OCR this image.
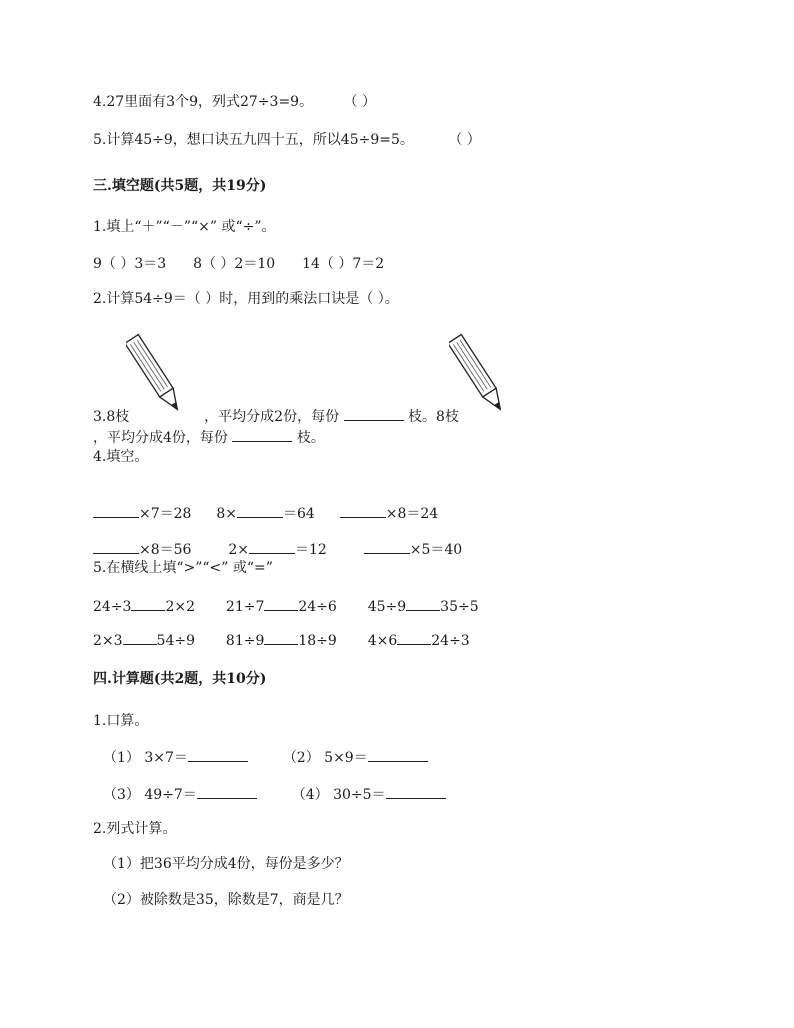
4.27里面有3个9，列式27÷3=9。 （ ）
5.计算45÷9，想口诀五九四十五，所以45÷9=5。 （ ）
三.填空题(共5题，共19分)
1.填上“＋”“－”“×” 或“÷”。
9（ ）3＝3 8（ ）2＝10 14（ ）7＝2
2.计算54÷9＝（ ）时，用到的乘法口诀是（ ）。
3.8枝	，平均分成2份，每份	枝。8枝
，平均分成4份，每份	枝。
4.填空。
×7＝28 8×	＝64	×8＝24
×8＝56	2×	＝12	×5＝40
5.在横线上填“>”“<” 或“=”
24÷3 2×2 21÷7 24÷6 45÷9 35÷5
2×3 54÷9 81÷9 18÷9 4×6 24÷3
四.计算题(共2题，共10分)
1.口算。
（1） 3×7＝	（2） 5×9＝
（3） 49÷7＝	（4） 30÷5＝
2.列式计算。
（1）把36平均分成4份，每份是多少？
（2）被除数是35，除数是7，商是几？
